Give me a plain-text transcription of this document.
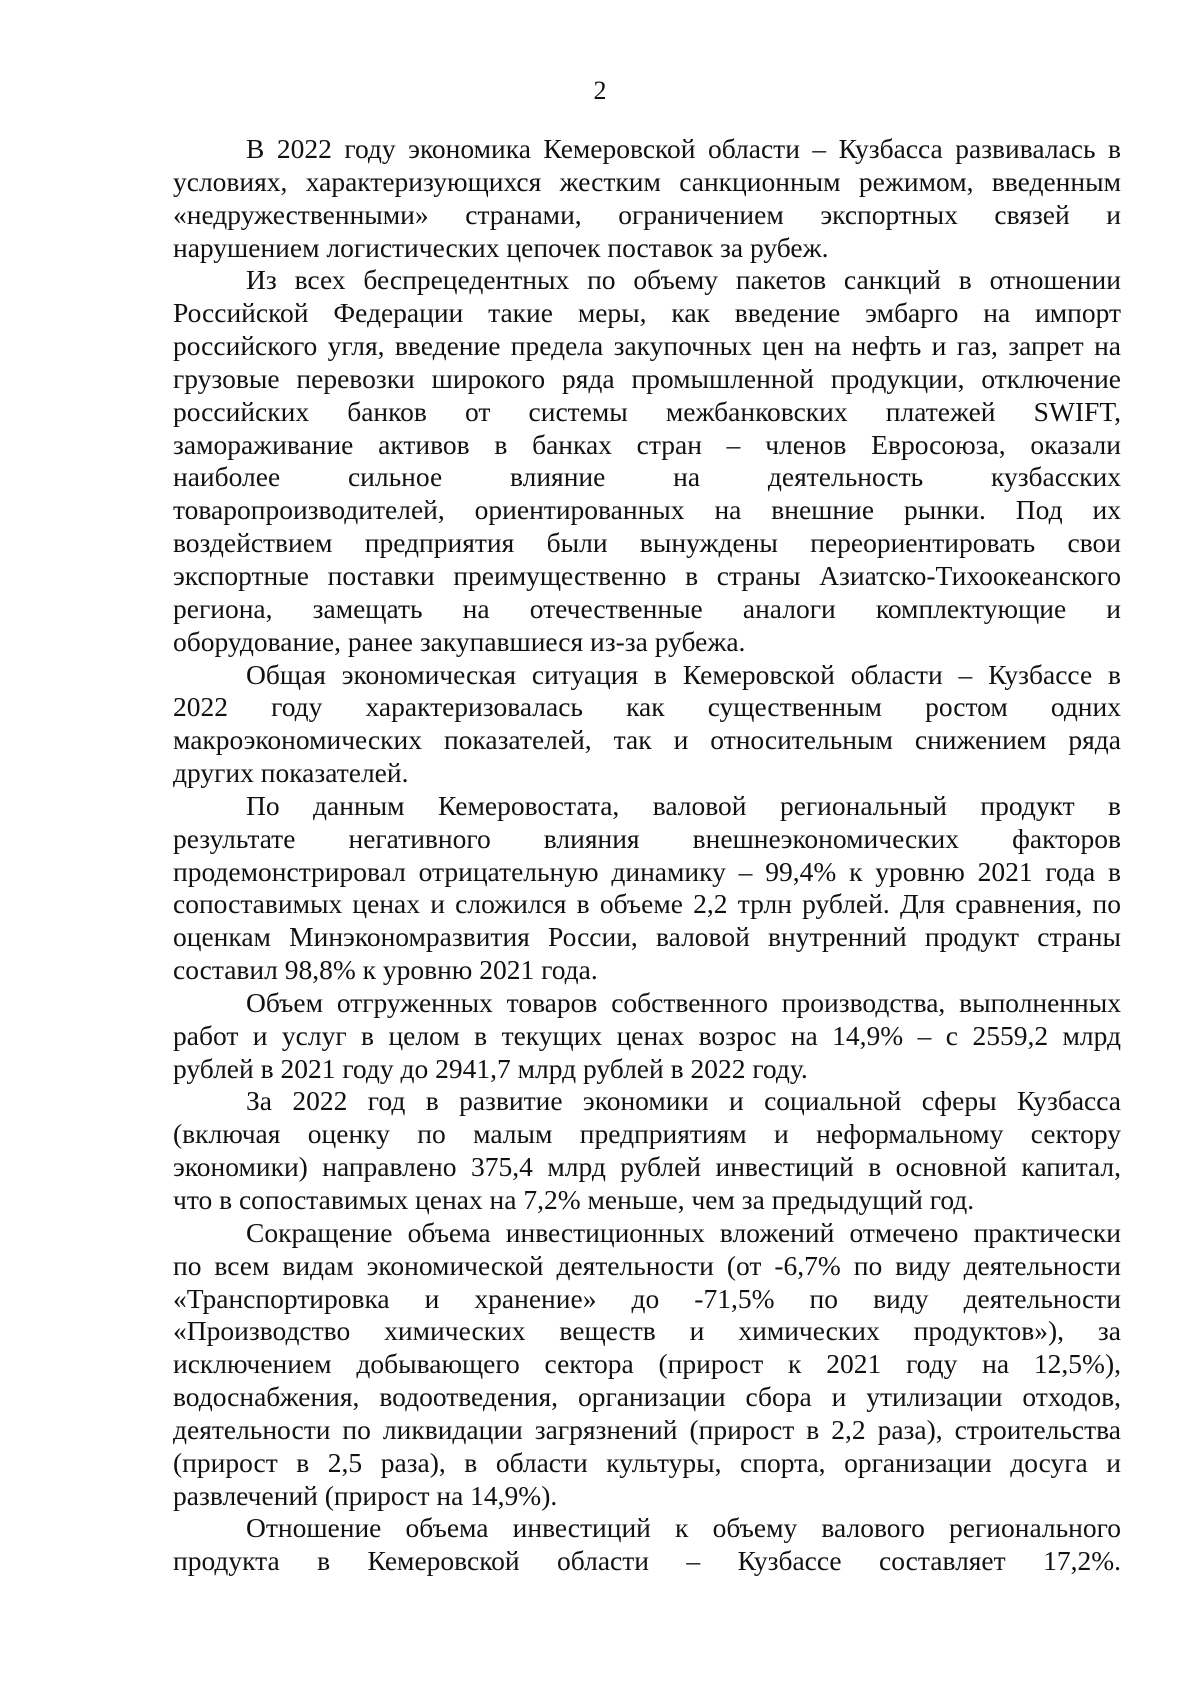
2
В 2022 году экономика Кемеровской области – Кузбасса развивалась в
условиях, характеризующихся жестким санкционным режимом, введенным
«недружественными» странами, ограничением экспортных связей и
нарушением логистических цепочек поставок за рубеж.
Из всех беспрецедентных по объему пакетов санкций в отношении
Российской Федерации такие меры, как введение эмбарго на импорт
российского угля, введение предела закупочных цен на нефть и газ, запрет на
грузовые перевозки широкого ряда промышленной продукции, отключение
российских банков от системы межбанковских платежей SWIFT,
замораживание активов в банках стран – членов Евросоюза, оказали
наиболее сильное влияние на деятельность кузбасских
товаропроизводителей, ориентированных на внешние рынки. Под их
воздействием предприятия были вынуждены переориентировать свои
экспортные поставки преимущественно в страны Азиатско-Тихоокеанского
региона, замещать на отечественные аналоги комплектующие и
оборудование, ранее закупавшиеся из-за рубежа.
Общая экономическая ситуация в Кемеровской области – Кузбассе в
2022 году характеризовалась как существенным ростом одних
макроэкономических показателей, так и относительным снижением ряда
других показателей.
По данным Кемеровостата, валовой региональный продукт в
результате негативного влияния внешнеэкономических факторов
продемонстрировал отрицательную динамику – 99,4% к уровню 2021 года в
сопоставимых ценах и сложился в объеме 2,2 трлн рублей. Для сравнения, по
оценкам Минэкономразвития России, валовой внутренний продукт страны
составил 98,8% к уровню 2021 года.
Объем отгруженных товаров собственного производства, выполненных
работ и услуг в целом в текущих ценах возрос на 14,9% – с 2559,2 млрд
рублей в 2021 году до 2941,7 млрд рублей в 2022 году.
За 2022 год в развитие экономики и социальной сферы Кузбасса
(включая оценку по малым предприятиям и неформальному сектору
экономики) направлено 375,4 млрд рублей инвестиций в основной капитал,
что в сопоставимых ценах на 7,2% меньше, чем за предыдущий год.
Сокращение объема инвестиционных вложений отмечено практически
по всем видам экономической деятельности (от -6,7% по виду деятельности
«Транспортировка и хранение» до -71,5% по виду деятельности
«Производство химических веществ и химических продуктов»), за
исключением добывающего сектора (прирост к 2021 году на 12,5%),
водоснабжения, водоотведения, организации сбора и утилизации отходов,
деятельности по ликвидации загрязнений (прирост в 2,2 раза), строительства
(прирост в 2,5 раза), в области культуры, спорта, организации досуга и
развлечений (прирост на 14,9%).
Отношение объема инвестиций к объему валового регионального
продукта в Кемеровской области – Кузбассе составляет 17,2%.
